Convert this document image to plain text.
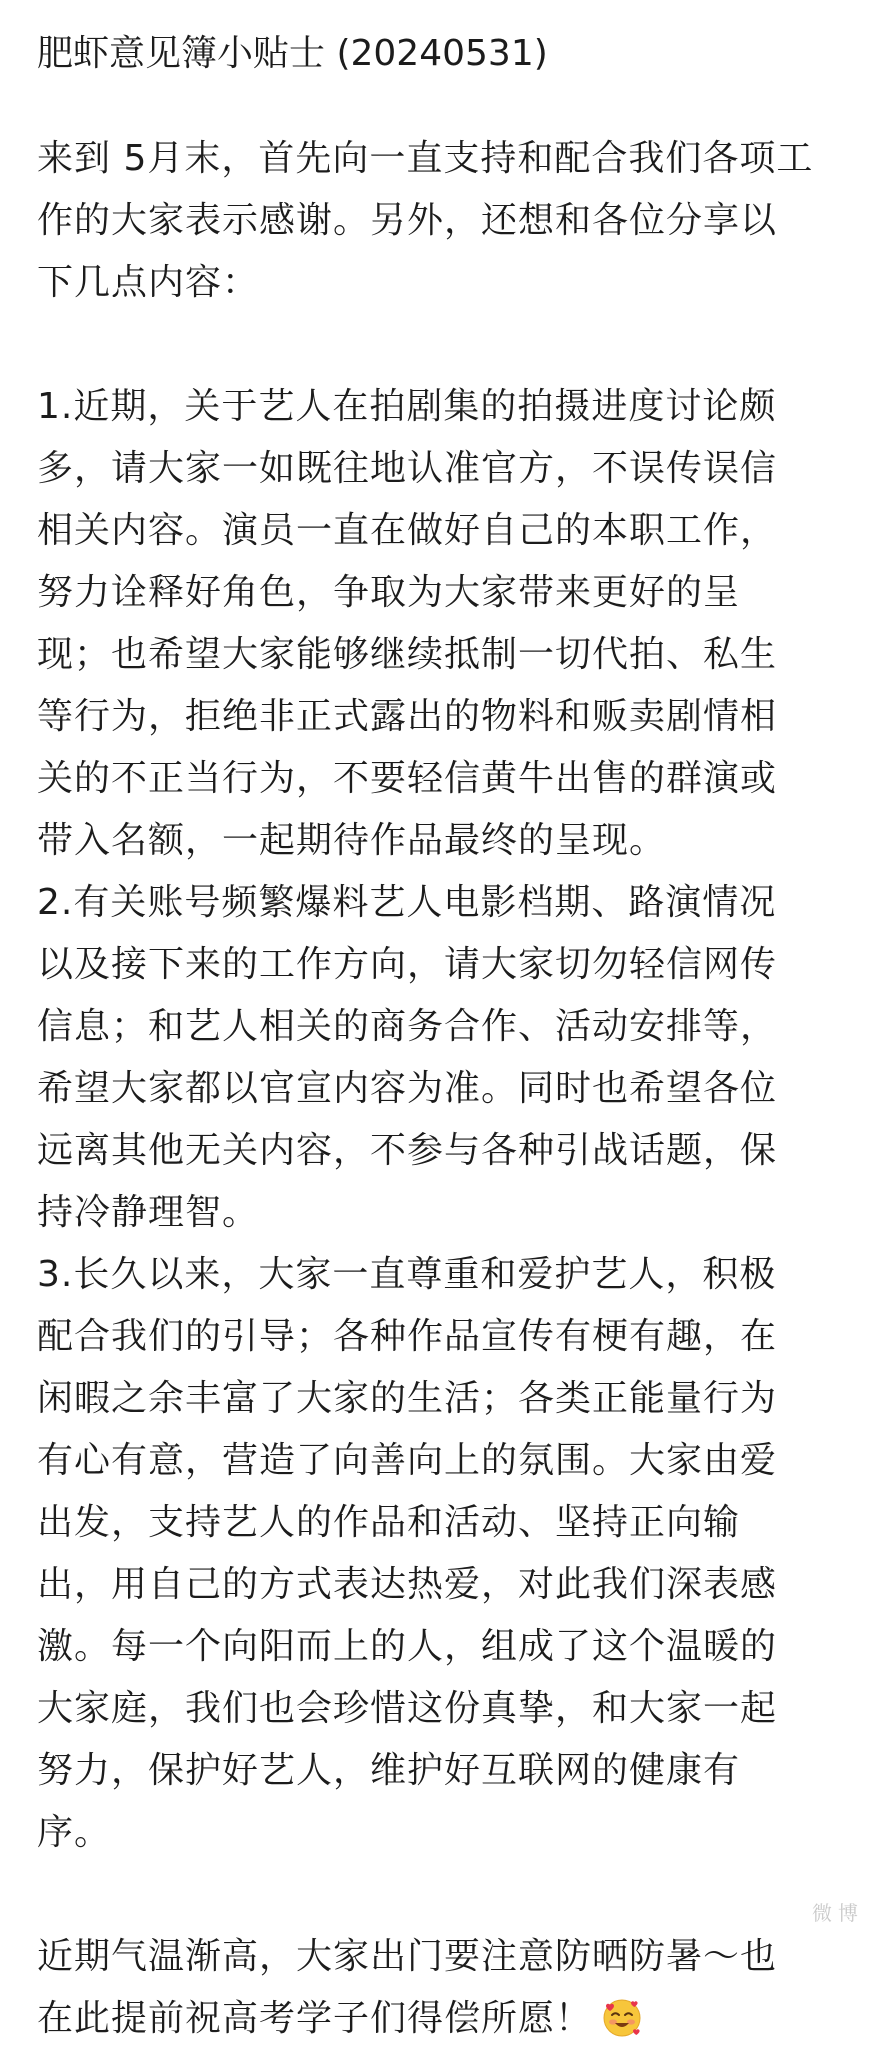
肥虾意见簿小贴士 (20240531)
来到 5月末，首先向一直支持和配合我们各项工
作的大家表示感谢。另外，还想和各位分享以
下几点内容：
1.近期，关于艺人在拍剧集的拍摄进度讨论颇
多，请大家一如既往地认准官方，不误传误信
相关内容。演员一直在做好自己的本职工作，
努力诠释好角色，争取为大家带来更好的呈
现；也希望大家能够继续抵制一切代拍、私生
等行为，拒绝非正式露出的物料和贩卖剧情相
关的不正当行为，不要轻信黄牛出售的群演或
带入名额，一起期待作品最终的呈现。
2.有关账号频繁爆料艺人电影档期、路演情况
以及接下来的工作方向，请大家切勿轻信网传
信息；和艺人相关的商务合作、活动安排等，
希望大家都以官宣内容为准。同时也希望各位
远离其他无关内容，不参与各种引战话题，保
持冷静理智。
3.长久以来，大家一直尊重和爱护艺人，积极
配合我们的引导；各种作品宣传有梗有趣，在
闲暇之余丰富了大家的生活；各类正能量行为
有心有意，营造了向善向上的氛围。大家由爱
出发，支持艺人的作品和活动、坚持正向输
出，用自己的方式表达热爱，对此我们深表感
激。每一个向阳而上的人，组成了这个温暖的
大家庭，我们也会珍惜这份真挚，和大家一起
努力，保护好艺人，维护好互联网的健康有
序。
近期气温渐高，大家出门要注意防晒防暑～也
在此提前祝高考学子们得偿所愿！
微博
